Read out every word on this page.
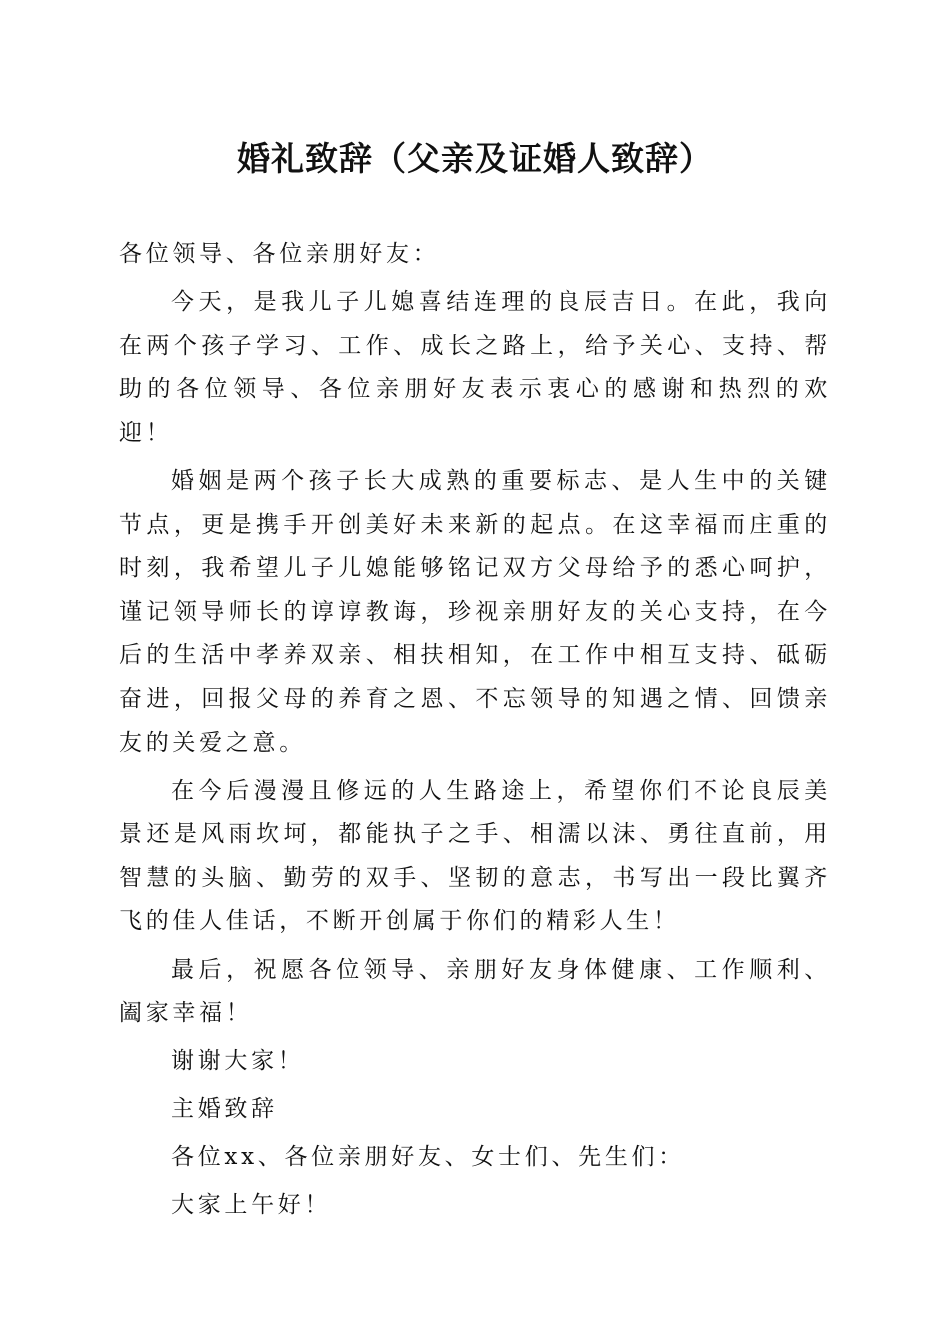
婚礼致辞（父亲及证婚人致辞）

各位领导、各位亲朋好友：

今天，是我儿子儿媳喜结连理的良辰吉日。在此，我向在两个孩子学习、工作、成长之路上，给予关心、支持、帮助的各位领导、各位亲朋好友表示衷心的感谢和热烈的欢迎！

婚姻是两个孩子长大成熟的重要标志、是人生中的关键节点，更是携手开创美好未来新的起点。在这幸福而庄重的时刻，我希望儿子儿媳能够铭记双方父母给予的悉心呵护，谨记领导师长的谆谆教诲，珍视亲朋好友的关心支持，在今后的生活中孝养双亲、相扶相知，在工作中相互支持、砥砺奋进，回报父母的养育之恩、不忘领导的知遇之情、回馈亲友的关爱之意。

在今后漫漫且修远的人生路途上，希望你们不论良辰美景还是风雨坎坷，都能执子之手、相濡以沫、勇往直前，用智慧的头脑、勤劳的双手、坚韧的意志，书写出一段比翼齐飞的佳人佳话，不断开创属于你们的精彩人生！

最后，祝愿各位领导、亲朋好友身体健康、工作顺利、阖家幸福！

谢谢大家！

主婚致辞

各位xx、各位亲朋好友、女士们、先生们：

大家上午好！
